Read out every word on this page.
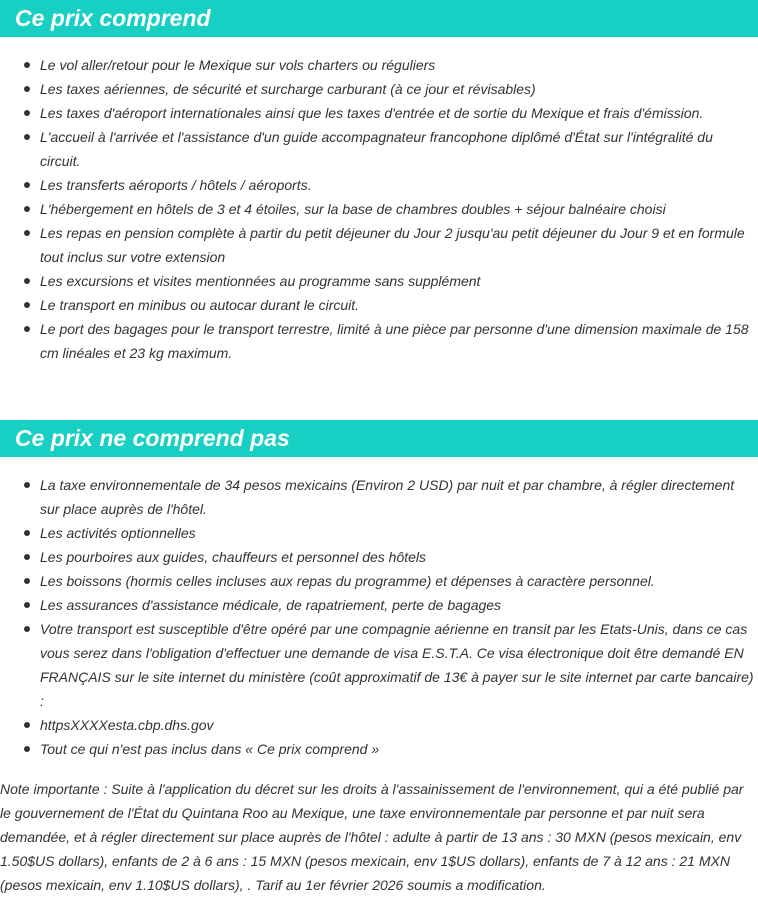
Ce prix comprend
Le vol aller/retour pour le Mexique sur vols charters ou réguliers
Les taxes aériennes, de sécurité et surcharge carburant (à ce jour et révisables)
Les taxes d'aéroport internationales ainsi que les taxes d'entrée et de sortie du Mexique et frais d'émission.
L'accueil à l'arrivée et l'assistance d'un guide accompagnateur francophone diplômé d'État sur l'intégralité du circuit.
Les transferts aéroports / hôtels / aéroports.
L'hébergement en hôtels de 3 et 4 étoiles, sur la base de chambres doubles + séjour balnéaire choisi
Les repas en pension complète à partir du petit déjeuner du Jour 2 jusqu'au petit déjeuner du Jour 9 et en formule tout inclus sur votre extension
Les excursions et visites mentionnées au programme sans supplément
Le transport en minibus ou autocar durant le circuit.
Le port des bagages pour le transport terrestre, limité à une pièce par personne d'une dimension maximale de 158 cm linéales et 23 kg maximum.
Ce prix ne comprend pas
La taxe environnementale de 34 pesos mexicains (Environ 2 USD) par nuit et par chambre, à régler directement sur place auprès de l'hôtel.
Les activités optionnelles
Les pourboires aux guides, chauffeurs et personnel des hôtels
Les boissons (hormis celles incluses aux repas du programme) et dépenses à caractère personnel.
Les assurances d'assistance médicale, de rapatriement, perte de bagages
Votre transport est susceptible d'être opéré par une compagnie aérienne en transit par les Etats-Unis, dans ce cas vous serez dans l'obligation d'effectuer une demande de visa E.S.T.A. Ce visa électronique doit être demandé EN FRANÇAIS sur le site internet du ministère (coût approximatif de 13€ à payer sur le site internet par carte bancaire) :
httpsXXXXesta.cbp.dhs.gov
Tout ce qui n'est pas inclus dans « Ce prix comprend »
Note importante : Suite à l'application du décret sur les droits à l'assainissement de l'environnement, qui a été publié par le gouvernement de l'État du Quintana Roo au Mexique, une taxe environnementale par personne et par nuit sera demandée, et à régler directement sur place auprès de l'hôtel : adulte à partir de 13 ans : 30 MXN (pesos mexicain, env 1.50$US dollars), enfants de 2 à 6 ans : 15 MXN (pesos mexicain, env 1$US dollars), enfants de 7 à 12 ans : 21 MXN (pesos mexicain, env 1.10$US dollars), . Tarif au 1er février 2026 soumis a modification.
